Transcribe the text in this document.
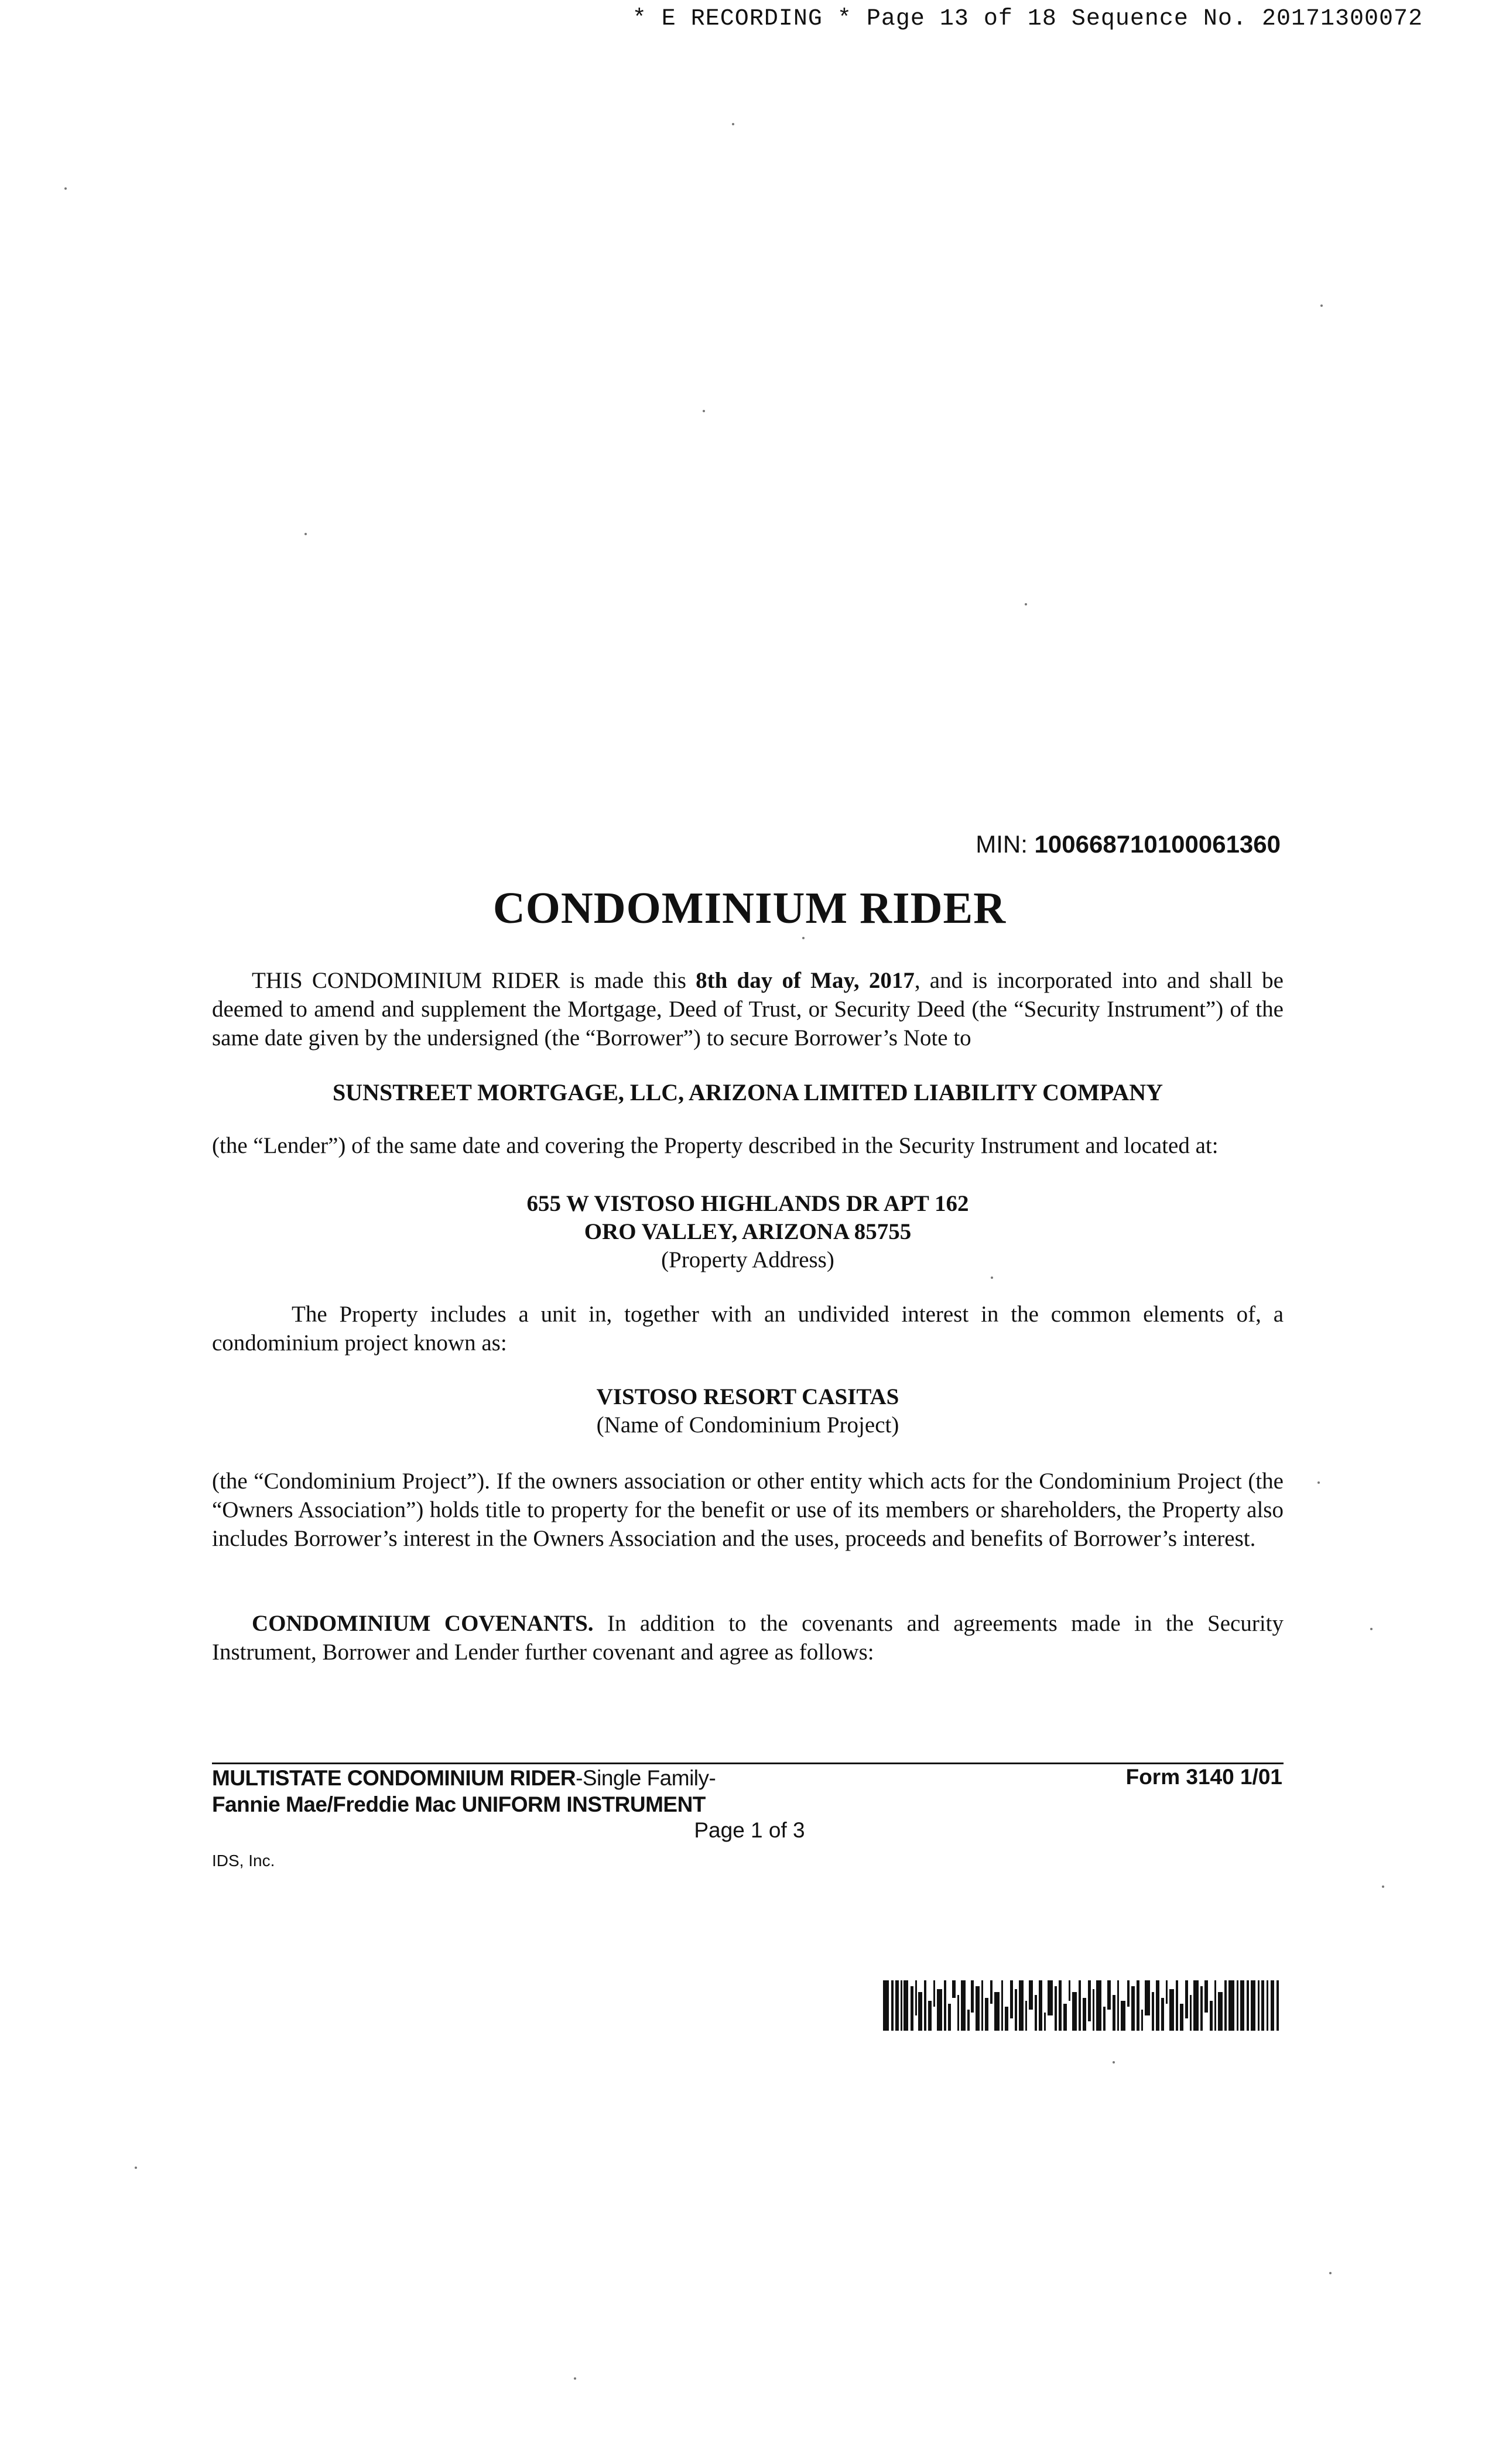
* E RECORDING * Page 13 of 18 Sequence No. 20171300072
MIN: 100668710100061360
CONDOMINIUM RIDER
THIS CONDOMINIUM RIDER is made this 8th day of May, 2017, and is incorporated into and shall be deemed to amend and supplement the Mortgage, Deed of Trust, or Security Deed (the “Security Instrument”) of the same date given by the undersigned (the “Borrower”) to secure Borrower’s Note to
SUNSTREET MORTGAGE, LLC, ARIZONA LIMITED LIABILITY COMPANY
(the “Lender”) of the same date and covering the Property described in the Security Instrument and located at:
655 W VISTOSO HIGHLANDS DR APT 162
ORO VALLEY, ARIZONA 85755
(Property Address)
The Property includes a unit in, together with an undivided interest in the common elements of, a condominium project known as:
VISTOSO RESORT CASITAS
(Name of Condominium Project)
(the “Condominium Project”). If the owners association or other entity which acts for the Condominium Project (the “Owners Association”) holds title to property for the benefit or use of its members or shareholders, the Property also includes Borrower’s interest in the Owners Association and the uses, proceeds and benefits of Borrower’s interest.
CONDOMINIUM COVENANTS. In addition to the covenants and agreements made in the Security Instrument, Borrower and Lender further covenant and agree as follows:
MULTISTATE CONDOMINIUM RIDER-Single Family-
Fannie Mae/Freddie Mac UNIFORM INSTRUMENT
Form 3140 1/01
Page 1 of 3
IDS, Inc.
